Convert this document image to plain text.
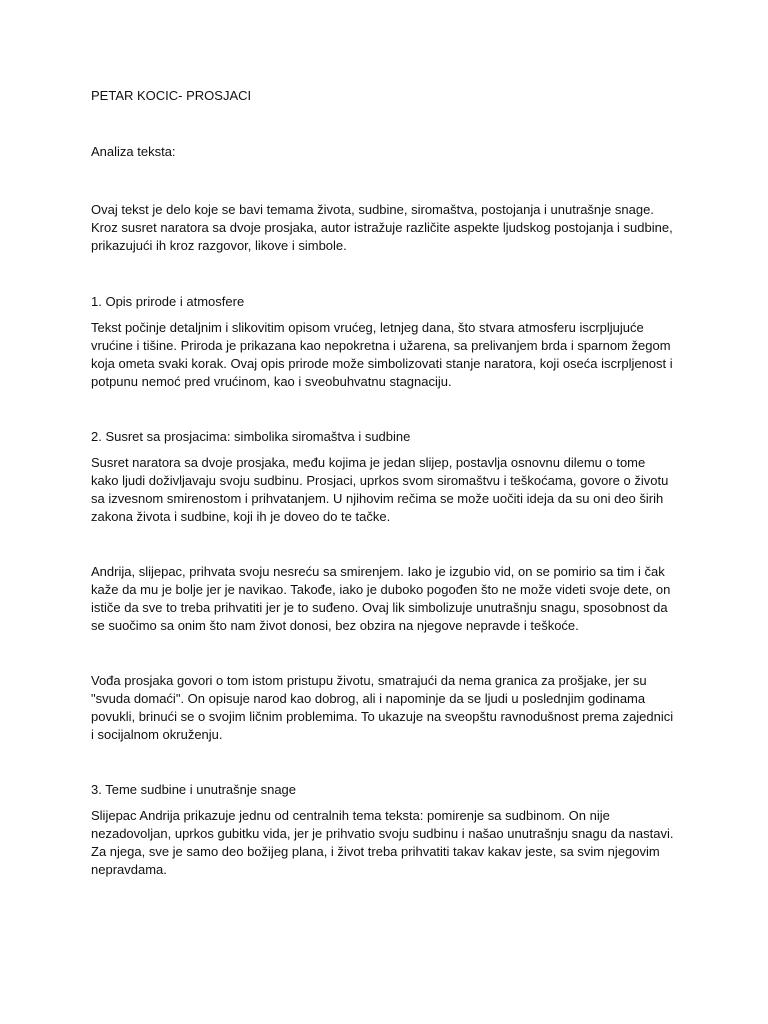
PETAR KOCIC- PROSJACI

Analiza teksta:

Ovaj tekst je delo koje se bavi temama života, sudbine, siromaštva, postojanja i unutrašnje snage.
Kroz susret naratora sa dvoje prosjaka, autor istražuje različite aspekte ljudskog postojanja i sudbine,
prikazujući ih kroz razgovor, likove i simbole.

1. Opis prirode i atmosfere

Tekst počinje detaljnim i slikovitim opisom vrućeg, letnjeg dana, što stvara atmosferu iscrpljujuće
vrućine i tišine. Priroda je prikazana kao nepokretna i užarena, sa prelivanjem brda i sparnom žegom
koja ometa svaki korak. Ovaj opis prirode može simbolizovati stanje naratora, koji oseća iscrpljenost i
potpunu nemoć pred vrućinom, kao i sveobuhvatnu stagnaciju.

2. Susret sa prosjacima: simbolika siromaštva i sudbine

Susret naratora sa dvoje prosjaka, među kojima je jedan slijep, postavlja osnovnu dilemu o tome
kako ljudi doživljavaju svoju sudbinu. Prosjaci, uprkos svom siromaštvu i teškoćama, govore o životu
sa izvesnom smirenostom i prihvatanjem. U njihovim rečima se može uočiti ideja da su oni deo širih
zakona života i sudbine, koji ih je doveo do te tačke.

Andrija, slijepac, prihvata svoju nesreću sa smirenjem. Iako je izgubio vid, on se pomirio sa tim i čak
kaže da mu je bolje jer je navikao. Takođe, iako je duboko pogođen što ne može videti svoje dete, on
ističe da sve to treba prihvatiti jer je to suđeno. Ovaj lik simbolizuje unutrašnju snagu, sposobnost da
se suočimo sa onim što nam život donosi, bez obzira na njegove nepravde i teškoće.

Vođa prosjaka govori o tom istom pristupu životu, smatrajući da nema granica za prošjake, jer su
"svuda domaći". On opisuje narod kao dobrog, ali i napominje da se ljudi u poslednjim godinama
povukli, brinući se o svojim ličnim problemima. To ukazuje na sveopštu ravnodušnost prema zajednici
i socijalnom okruženju.

3. Teme sudbine i unutrašnje snage

Slijepac Andrija prikazuje jednu od centralnih tema teksta: pomirenje sa sudbinom. On nije
nezadovoljan, uprkos gubitku vida, jer je prihvatio svoju sudbinu i našao unutrašnju snagu da nastavi.
Za njega, sve je samo deo božijeg plana, i život treba prihvatiti takav kakav jeste, sa svim njegovim
nepravdama.
